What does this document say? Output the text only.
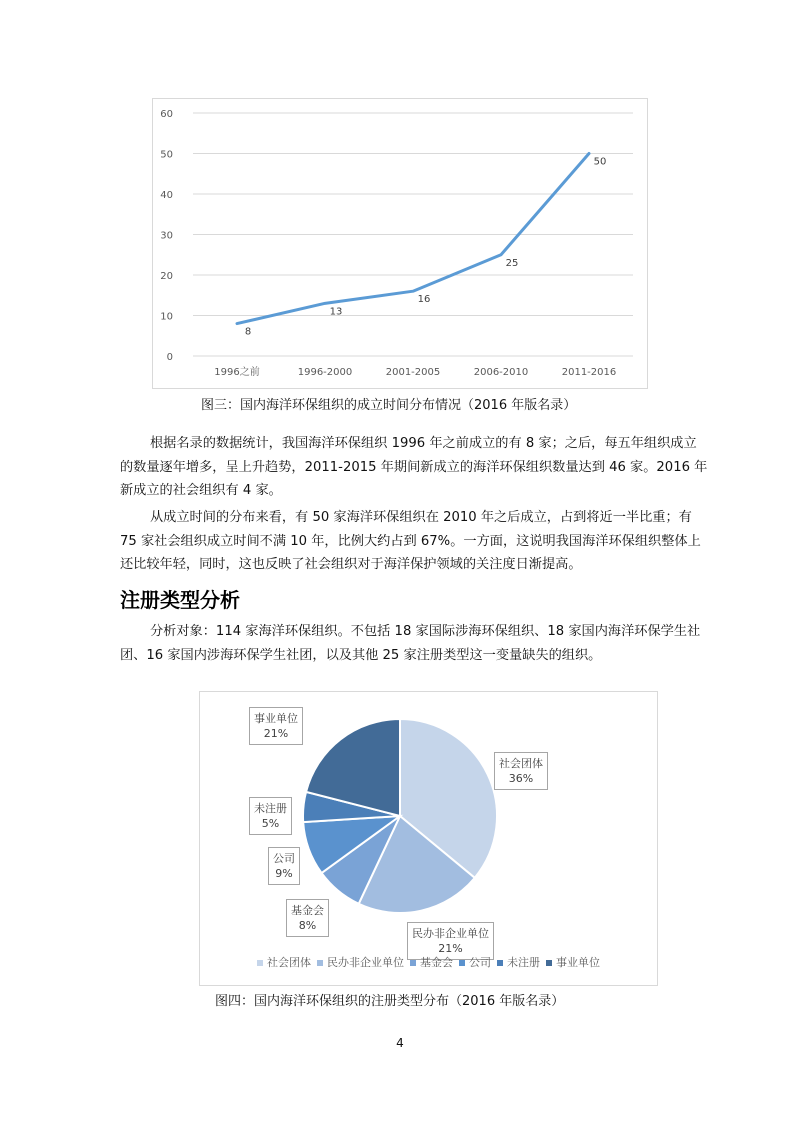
0
10
20
30
40
50
60
1996之前	1996-2000	2001-2005	2006-2010	2011-2016
8
13
16
25
50
图三：国内海洋环保组织的成立时间分布情况（2016 年版名录）
根据名录的数据统计，我国海洋环保组织 1996 年之前成立的有 8 家；之后，每五年组织成立的数量逐年增多，呈上升趋势，2011-2015 年期间新成立的海洋环保组织数量达到 46 家。2016 年新成立的社会组织有 4 家。
从成立时间的分布来看，有 50 家海洋环保组织在 2010 年之后成立，占到将近一半比重；有 75 家社会组织成立时间不满 10 年，比例大约占到 67%。一方面，这说明我国海洋环保组织整体上还比较年轻，同时，这也反映了社会组织对于海洋保护领域的关注度日渐提高。
注册类型分析
分析对象：114 家海洋环保组织。不包括 18 家国际涉海环保组织、18 家国内海洋环保学生社团、16 家国内涉海环保学生社团，以及其他 25 家注册类型这一变量缺失的组织。
社会团体
36%
民办非企业单位
21%
基金会
8%
公司
9%
未注册
5%
事业单位
21%
社会团体 民办非企业单位 基金会 公司 未注册 事业单位
图四：国内海洋环保组织的注册类型分布（2016 年版名录）
4
